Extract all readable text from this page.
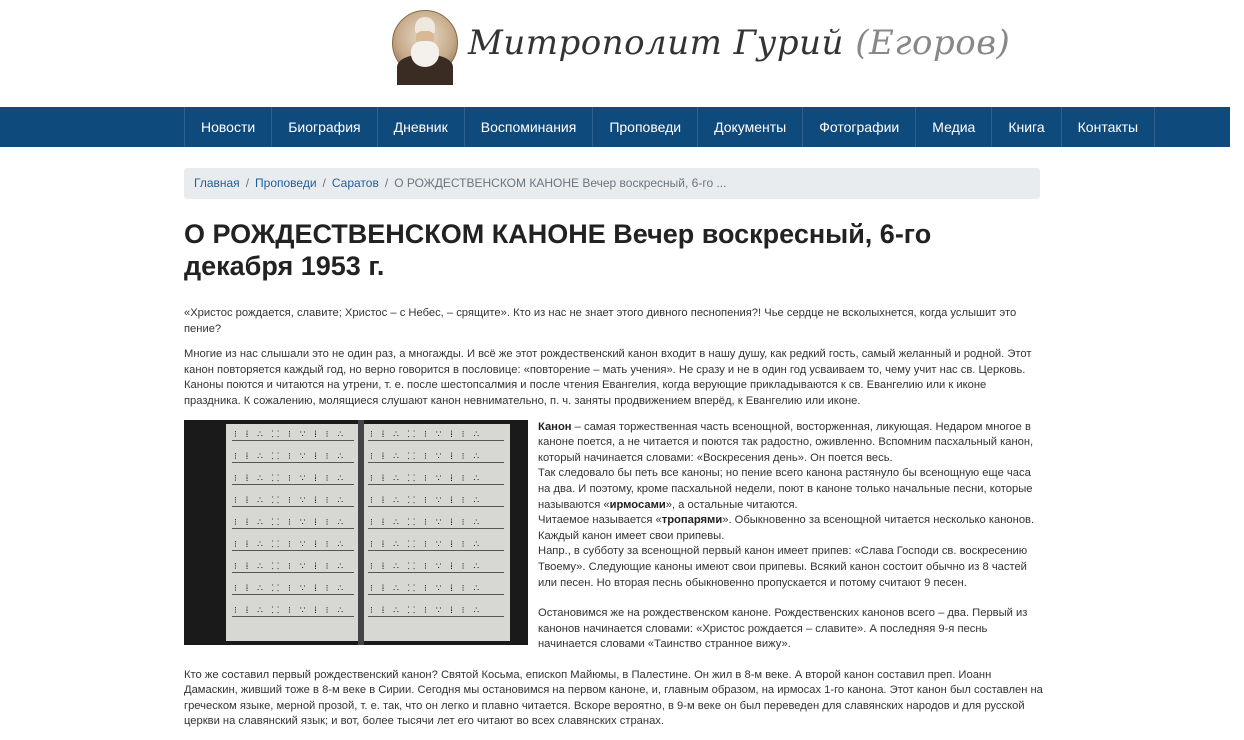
Митрополит Гурий (Егоров)
Новости	Биография	Дневник	Воспоминания	Проповеди	Документы	Фотографии	Медиа	Книга	Контакты
Главная / Проповеди / Саратов / О РОЖДЕСТВЕНСКОМ КАНОНЕ Вечер воскресный, 6-го ...
О РОЖДЕСТВЕНСКОМ КАНОНЕ Вечер воскресный, 6-го декабря 1953 г.

«Христос рождается, славите; Христос – с Небес, – срящите». Кто из нас не знает этого дивного песнопения?! Чье сердце не всколыхнется, когда услышит это пение?

Многие из нас слышали это не один раз, а многажды. И всё же этот рождественский канон входит в нашу душу, как редкий гость, самый желанный и родной. Этот канон повторяется каждый год, но верно говорится в пословице: «повторение – мать учения». Не сразу и не в один год усваиваем то, чему учит нас св. Церковь.
Каноны поются и читаются на утрени, т. е. после шестопсалмия и после чтения Евангелия, когда верующие прикладываются к св. Евангелию или к иконе праздника. К сожалению, молящиеся слушают канон невнимательно, п. ч. заняты продвижением вперёд, к Евангелию или иконе.

⁝ ⁞ ∴ ⸬ ⁝ ∵ ⁞ ⁝ ∴
⁝ ⁞ ∴ ⸬ ⁝ ∵ ⁞ ⁝ ∴
⁝ ⁞ ∴ ⸬ ⁝ ∵ ⁞ ⁝ ∴
⁝ ⁞ ∴ ⸬ ⁝ ∵ ⁞ ⁝ ∴
⁝ ⁞ ∴ ⸬ ⁝ ∵ ⁞ ⁝ ∴
⁝ ⁞ ∴ ⸬ ⁝ ∵ ⁞ ⁝ ∴
⁝ ⁞ ∴ ⸬ ⁝ ∵ ⁞ ⁝ ∴
⁝ ⁞ ∴ ⸬ ⁝ ∵ ⁞ ⁝ ∴
⁝ ⁞ ∴ ⸬ ⁝ ∵ ⁞ ⁝ ∴
⁝ ⁞ ∴ ⸬ ⁝ ∵ ⁞ ⁝ ∴
⁝ ⁞ ∴ ⸬ ⁝ ∵ ⁞ ⁝ ∴
⁝ ⁞ ∴ ⸬ ⁝ ∵ ⁞ ⁝ ∴
⁝ ⁞ ∴ ⸬ ⁝ ∵ ⁞ ⁝ ∴
⁝ ⁞ ∴ ⸬ ⁝ ∵ ⁞ ⁝ ∴
⁝ ⁞ ∴ ⸬ ⁝ ∵ ⁞ ⁝ ∴
⁝ ⁞ ∴ ⸬ ⁝ ∵ ⁞ ⁝ ∴
⁝ ⁞ ∴ ⸬ ⁝ ∵ ⁞ ⁝ ∴
⁝ ⁞ ∴ ⸬ ⁝ ∵ ⁞ ⁝ ∴
Канон – самая торжественная часть всенощной, восторженная, ликующая. Недаром многое в каноне поется, а не читается и поются так радостно, оживленно. Вспомним пасхальный канон, который начинается словами: «Воскресения день». Он поется весь.
Так следовало бы петь все каноны; но пение всего канона растянуло бы всенощную еще часа на два. И поэтому, кроме пасхальной недели, поют в каноне только начальные песни, которые называются «ирмосами», а остальные читаются.
Читаемое называется «тропарями». Обыкновенно за всенощной читается несколько канонов.
Каждый канон имеет свои припевы.
Напр., в субботу за всенощной первый канон имеет припев: «Слава Господи св. воскресению Твоему». Следующие каноны имеют свои припевы. Всякий канон состоит обычно из 8 частей или песен. Но вторая песнь обыкновенно пропускается и потому считают 9 песен.
Остановимся же на рождественском каноне. Рождественских канонов всего – два. Первый из канонов начинается словами: «Христос рождается – славите». А последняя 9-я песнь начинается словами «Таинство странное вижу».

Кто же составил первый рождественский канон? Святой Косьма, епископ Майюмы, в Палестине. Он жил в 8-м веке. А второй канон составил преп. Иоанн Дамаскин, живший тоже в 8-м веке в Сирии. Сегодня мы остановимся на первом каноне, и, главным образом, на ирмосах 1-го канона. Этот канон был составлен на греческом языке, мерной прозой, т. е. так, что он легко и плавно читается. Вскоре вероятно, в 9-м веке он был переведен для славянских народов и для русской церкви на славянский язык; и вот, более тысячи лет его читают во всех славянских странах.
